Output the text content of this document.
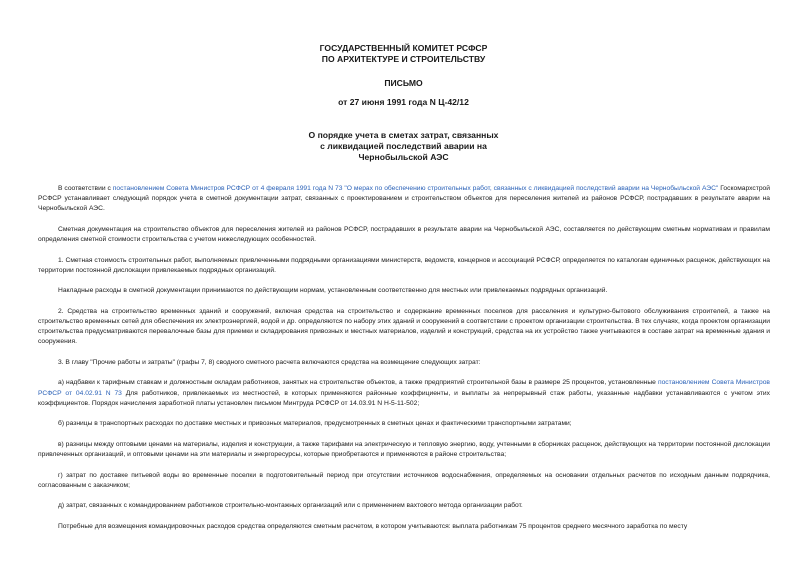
ГОСУДАРСТВЕННЫЙ КОМИТЕТ РСФСР
ПО АРХИТЕКТУРЕ И СТРОИТЕЛЬСТВУ
ПИСЬМО
от 27 июня 1991 года N Ц-42/12
О порядке учета в сметах затрат, связанных
с ликвидацией последствий аварии на
Чернобыльской АЭС

В соответствии с постановлением Совета Министров РСФСР от 4 февраля 1991 года N 73 "О мерах по обеспечению строительных работ, связанных с ликвидацией последствий аварии на Чернобыльской АЭС" Госкомархстрой РСФСР устанавливает следующий порядок учета в сметной документации затрат, связанных с проектированием и строительством объектов для переселения жителей из районов РСФСР, пострадавших в результате аварии на Чернобыльской АЭС.

Сметная документация на строительство объектов для переселения жителей из районов РСФСР, пострадавших в результате аварии на Чернобыльской АЭС, составляется по действующим сметным нормативам и правилам определения сметной стоимости строительства с учетом нижеследующих особенностей.

1. Сметная стоимость строительных работ, выполняемых привлеченными подрядными организациями министерств, ведомств, концернов и ассоциаций РСФСР, определяется по каталогам единичных расценок, действующих на территории постоянной дислокации привлекаемых подрядных организаций.

Накладные расходы в сметной документации принимаются по действующим нормам, установленным соответственно для местных или привлекаемых подрядных организаций.

2. Средства на строительство временных зданий и сооружений, включая средства на строительство и содержание временных поселков для расселения и культурно-бытового обслуживания строителей, а также на строительство временных сетей для обеспечения их электроэнергией, водой и др. определяются по набору этих зданий и сооружений в соответствии с проектом организации строительства. В тех случаях, когда проектом организации строительства предусматриваются перевалочные базы для приемки и складирования привозных и местных материалов, изделий и конструкций, средства на их устройство также учитываются в составе затрат на временные здания и сооружения.

3. В главу "Прочие работы и затраты" (графы 7, 8) сводного сметного расчета включаются средства на возмещение следующих затрат:

а) надбавки к тарифным ставкам и должностным окладам работников, занятых на строительстве объектов, а также предприятий строительной базы в размере 25 процентов, установленные постановлением Совета Министров РСФСР от 04.02.91 N 73 Для работников, привлекаемых из местностей, в которых применяются районные коэффициенты, и выплаты за непрерывный стаж работы, указанные надбавки устанавливаются с учетом этих коэффициентов. Порядок начисления заработной платы установлен письмом Минтруда РСФСР от 14.03.91 N Н-5-11-502;

б) разницы в транспортных расходах по доставке местных и привозных материалов, предусмотренных в сметных ценах и фактическими транспортными затратами;

в) разницы между оптовыми ценами на материалы, изделия и конструкции, а также тарифами на электрическую и тепловую энергию, воду, учтенными в сборниках расценок, действующих на территории постоянной дислокации привлеченных организаций, и оптовыми ценами на эти материалы и энергоресурсы, которые приобретаются и применяются в районе строительства;

г) затрат по доставке питьевой воды во временные поселки в подготовительный период при отсутствии источников водоснабжения, определяемых на основании отдельных расчетов по исходным данным подрядчика, согласованным с заказчиком;

д) затрат, связанных с командированием работников строительно-монтажных организаций или с применением вахтового метода организации работ.

Потребные для возмещения командировочных расходов средства определяются сметным расчетом, в котором учитываются: выплата работникам 75 процентов среднего месячного заработка по месту
